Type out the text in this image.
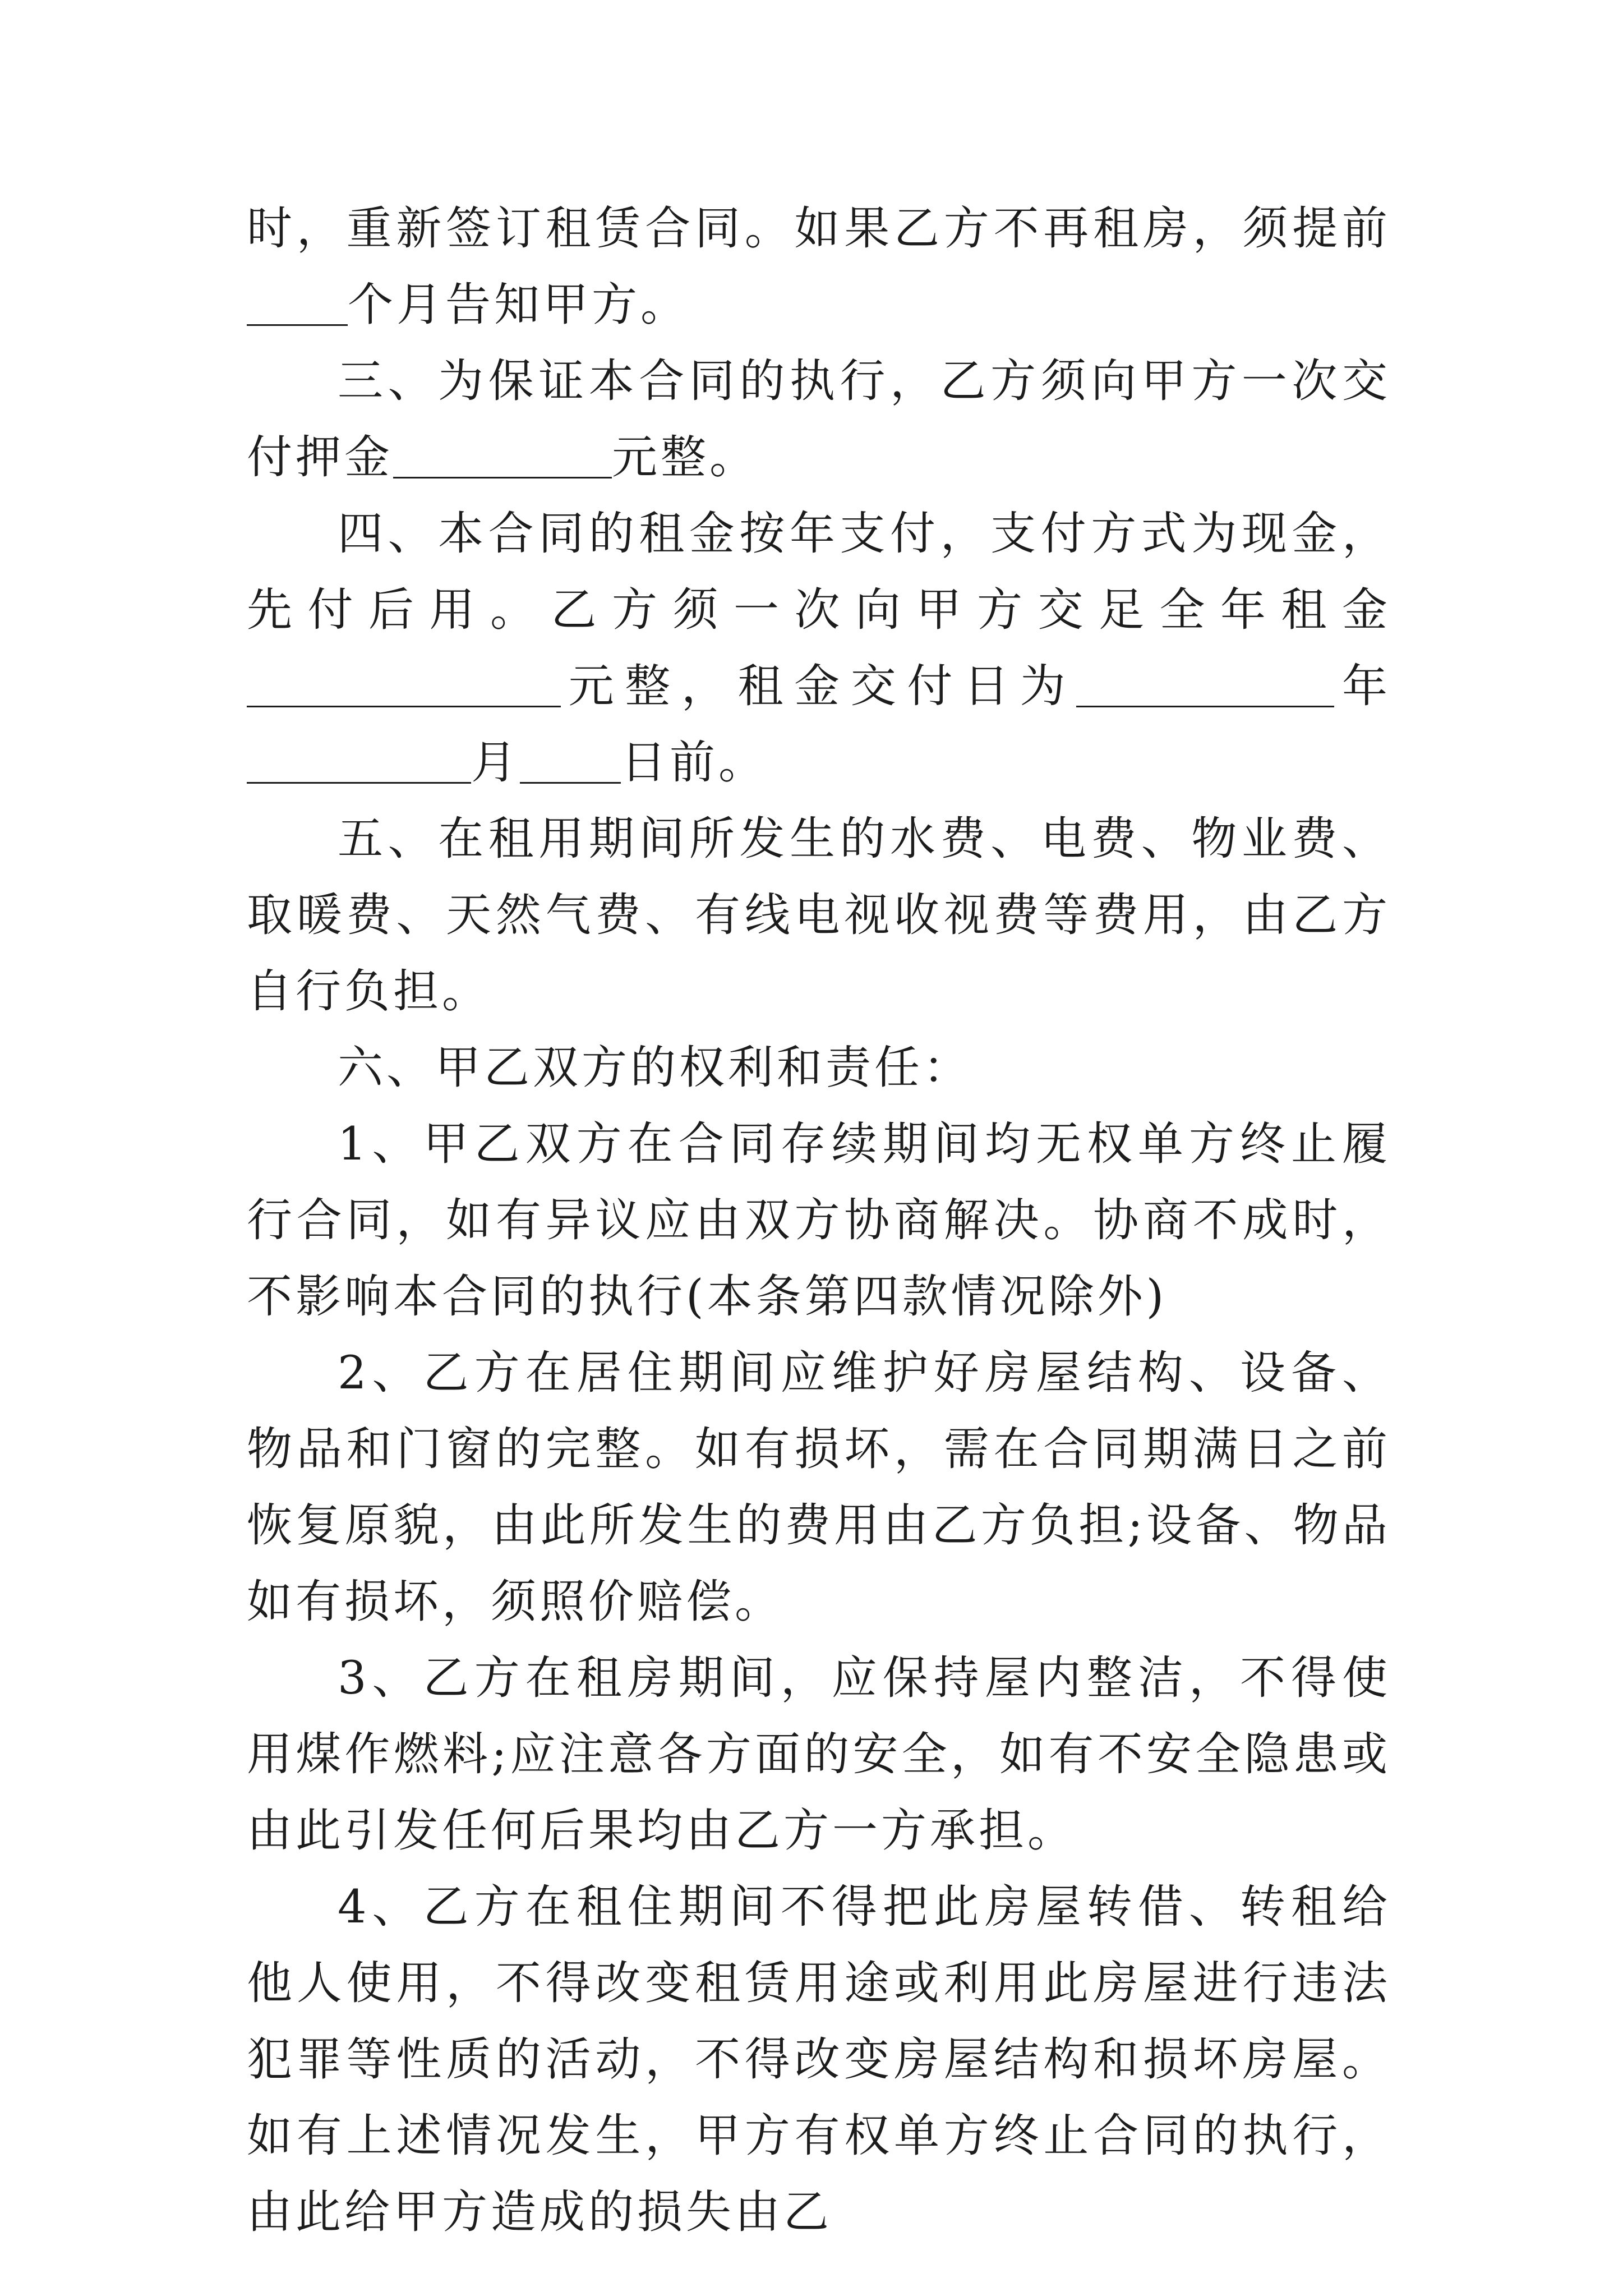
时，重新签订租赁合同。如果乙方不再租房，须提前个月告知甲方。

三、为保证本合同的执行，乙方须向甲方一次交付押金	元整。

四、本合同的租金按年支付，支付方式为现金，先付后用。乙方须一次向甲方交足全年租金元整，租金交付日为	年月 日前。

五、在租用期间所发生的水费、电费、物业费、取暖费、天然气费、有线电视收视费等费用，由乙方自行负担。

六、甲乙双方的权利和责任：

1、甲乙双方在合同存续期间均无权单方终止履行合同，如有异议应由双方协商解决。协商不成时，不影响本合同的执行(本条第四款情况除外)

2、乙方在居住期间应维护好房屋结构、设备、物品和门窗的完整。如有损坏，需在合同期满日之前恢复原貌，由此所发生的费用由乙方负担;设备、物品如有损坏，须照价赔偿。

3、乙方在租房期间，应保持屋内整洁，不得使用煤作燃料;应注意各方面的安全，如有不安全隐患或由此引发任何后果均由乙方一方承担。

4、乙方在租住期间不得把此房屋转借、转租给他人使用，不得改变租赁用途或利用此房屋进行违法犯罪等性质的活动，不得改变房屋结构和损坏房屋。如有上述情况发生，甲方有权单方终止合同的执行，由此给甲方造成的损失由乙
